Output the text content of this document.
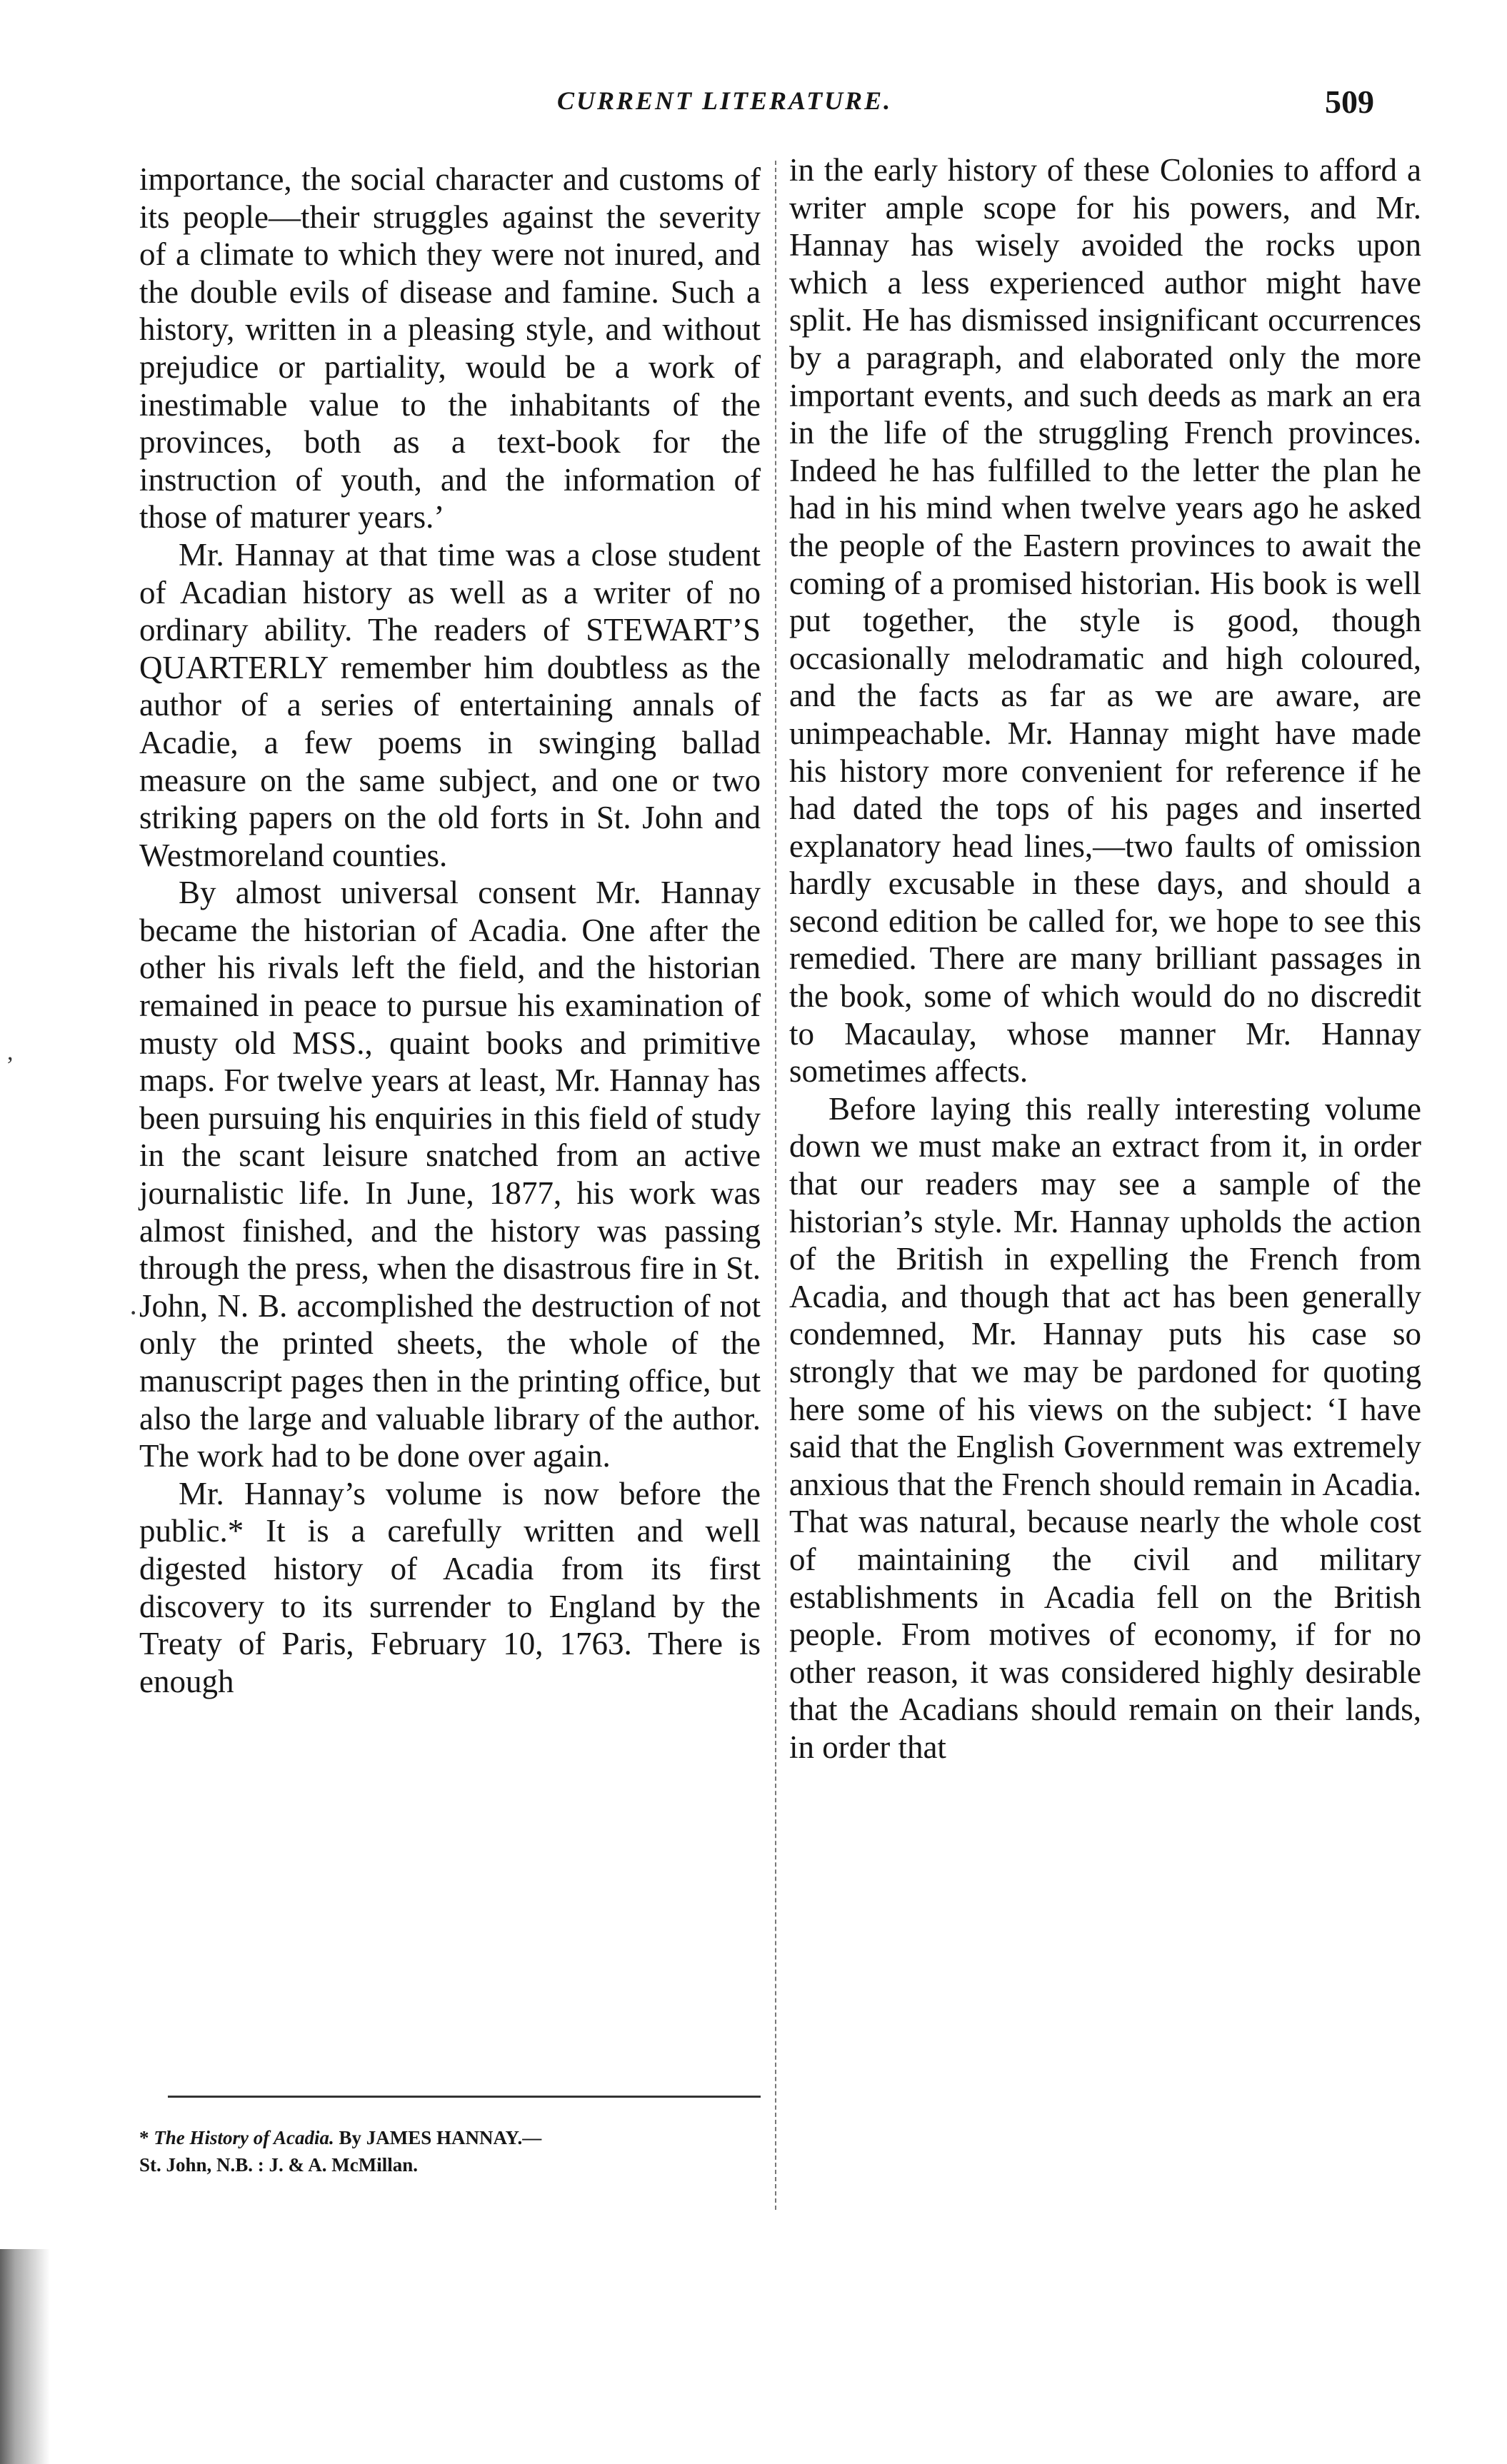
CURRENT LITERATURE.	509

importance, the social character and customs of its people—their struggles against the severity of a climate to which they were not inured, and the double evils of disease and famine. Such a history, written in a pleasing style, and without prejudice or partiality, would be a work of inestimable value to the inhabitants of the provinces, both as a text-book for the instruction of youth, and the information of those of maturer years.’

Mr. Hannay at that time was a close student of Acadian history as well as a writer of no ordinary ability. The readers of STEWART’S QUARTERLY remember him doubtless as the author of a series of entertaining annals of Acadie, a few poems in swinging ballad measure on the same subject, and one or two striking papers on the old forts in St. John and Westmoreland counties.

By almost universal consent Mr. Hannay became the historian of Acadia. One after the other his rivals left the field, and the historian remained in peace to pursue his examination of musty old MSS., quaint books and primitive maps. For twelve years at least, Mr. Hannay has been pursuing his enquiries in this field of study in the scant leisure snatched from an active journalistic life. In June, 1877, his work was almost finished, and the history was passing through the press, when the disastrous fire in St. John, N. B. accomplished the destruction of not only the printed sheets, the whole of the manuscript pages then in the printing office, but also the large and valuable library of the author. The work had to be done over again.

Mr. Hannay’s volume is now before the public.* It is a carefully written and well digested history of Acadia from its first discovery to its surrender to England by the Treaty of Paris, February 10, 1763. There is enough

in the early history of these Colonies to afford a writer ample scope for his powers, and Mr. Hannay has wisely avoided the rocks upon which a less experienced author might have split. He has dismissed insignificant occurrences by a paragraph, and elaborated only the more important events, and such deeds as mark an era in the life of the struggling French provinces. Indeed he has fulfilled to the letter the plan he had in his mind when twelve years ago he asked the people of the Eastern provinces to await the coming of a promised historian. His book is well put together, the style is good, though occasionally melodramatic and high coloured, and the facts as far as we are aware, are unimpeachable. Mr. Hannay might have made his history more convenient for reference if he had dated the tops of his pages and inserted explanatory head lines,—two faults of omission hardly excusable in these days, and should a second edition be called for, we hope to see this remedied. There are many brilliant passages in the book, some of which would do no discredit to Macaulay, whose manner Mr. Hannay sometimes affects.

Before laying this really interesting volume down we must make an extract from it, in order that our readers may see a sample of the historian’s style. Mr. Hannay upholds the action of the British in expelling the French from Acadia, and though that act has been generally condemned, Mr. Hannay puts his case so strongly that we may be pardoned for quoting here some of his views on the subject: ‘I have said that the English Government was extremely anxious that the French should remain in Acadia. That was natural, because nearly the whole cost of maintaining the civil and military establishments in Acadia fell on the British people. From motives of economy, if for no other reason, it was considered highly desirable that the Acadians should remain on their lands, in order that

* The History of Acadia. By JAMES HANNAY.—
St. John, N.B. : J. & A. McMillan.
,
·
